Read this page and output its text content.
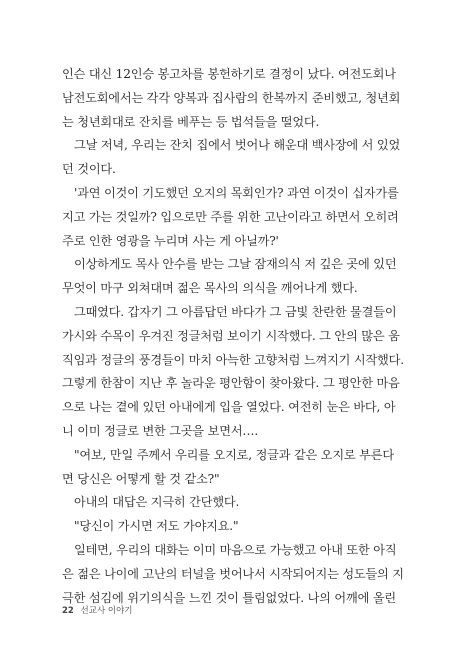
인슨 대신 12인승 봉고차를 봉헌하기로 결정이 났다. 여전도회나
남전도회에서는 각각 양복과 집사람의 한복까지 준비했고, 청년회
는 청년회대로 잔치를 베푸는 등 법석들을 떨었다.

그날 저녁, 우리는 잔치 집에서 벗어나 해운대 백사장에 서 있었
던 것이다.

'과연 이것이 기도했던 오지의 목회인가? 과연 이것이 십자가를
지고 가는 것일까? 입으로만 주를 위한 고난이라고 하면서 오히려
주로 인한 영광을 누리며 사는 게 아닐까?'

이상하게도 목사 안수를 받는 그날 잠재의식 저 깊은 곳에 있던
무엇이 마구 외쳐대며 젊은 목사의 의식을 깨어나게 했다.

그때였다. 갑자기 그 아름답던 바다가 그 금빛 찬란한 물결들이
가시와 수목이 우겨진 정글처럼 보이기 시작했다. 그 안의 많은 움
직임과 정글의 풍경들이 마치 아늑한 고향처럼 느껴지기 시작했다.
그렇게 한참이 지난 후 놀라운 평안함이 찾아왔다. 그 평안한 마음
으로 나는 곁에 있던 아내에게 입을 열었다. 여전히 눈은 바다, 아
니 이미 정글로 변한 그곳을 보면서….

"여보, 만일 주께서 우리를 오지로, 정글과 같은 오지로 부른다
면 당신은 어떻게 할 것 같소?"

아내의 대답은 지극히 간단했다.

"당신이 가시면 저도 가야지요."

일테면, 우리의 대화는 이미 마음으로 가능했고 아내 또한 아직
은 젊은 나이에 고난의 터널을 벗어나서 시작되어지는 성도들의 지
극한 섬김에 위기의식을 느낀 것이 틀림없었다. 나의 어깨에 올린

22 선교사 이야기
